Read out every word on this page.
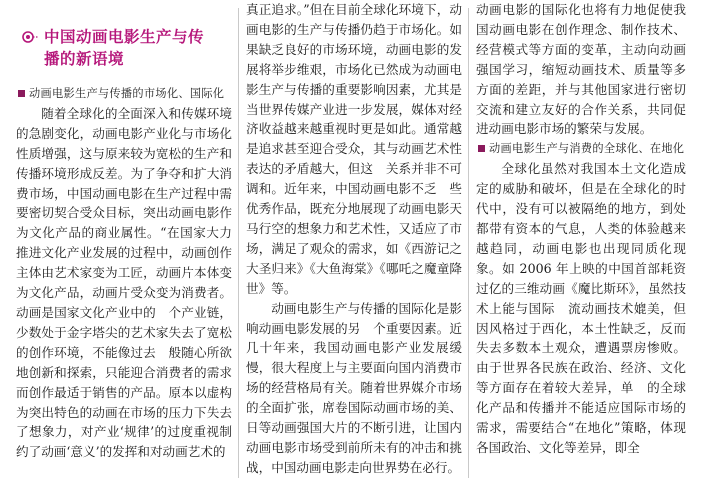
中国动画电影生产与传
播的新语境
动画电影生产与传播的市场化、国际化

随着全球化的全面深入和传媒环境的急剧变化，动画电影产业化与市场化性质增强，这与原来较为宽松的生产和传播环境形成反差。为了争夺和扩大消费市场，中国动画电影在生产过程中需要密切契合受众目标，突出动画电影作为文化产品的商业属性。“在国家大力推进文化产业发展的过程中，动画创作主体由艺术家变为工匠，动画片本体变为文化产品，动画片受众变为消费者。动画是国家文化产业中的　个产业链，少数处于金字塔尖的艺术家失去了宽松的创作环境，不能像过去　般随心所欲地创新和探索，只能迎合消费者的需求而创作最适于销售的产品。原本以虚构为突出特色的动画在市场的压力下失去了想象力，对产业‘规律’的过度重视制约了动画‘意义’的发挥和对动画艺术的

真正追求。”但在目前全球化环境下，动画电影的生产与传播仍趋于市场化。如果缺乏良好的市场环境，动画电影的发展将举步维艰，市场化已然成为动画电影生产与传播的重要影响因素，尤其是当世界传媒产业进一步发展，媒体对经济收益越来越重视时更是如此。通常越是追求甚至迎合受众，其与动画艺术性表达的矛盾越大，但这　关系并非不可调和。近年来，中国动画电影不乏　些优秀作品，既充分地展现了动画电影天马行空的想象力和艺术性，又适应了市场，满足了观众的需求，如《西游记之大圣归来》《大鱼海棠》《哪吒之魔童降世》等。

动画电影生产与传播的国际化是影响动画电影发展的另　个重要因素。近几十年来，我国动画电影产业发展缓慢，很大程度上与主要面向国内消费市场的经营格局有关。随着世界媒介市场的全面扩张，席卷国际动画市场的美、日等动画强国大片的不断引进，让国内动画电影市场受到前所未有的冲击和挑战，中国动画电影走向世界势在必行。

动画电影的国际化也将有力地促使我国动画电影在创作理念、制作技术、经营模式等方面的变革，主动向动画强国学习，缩短动画技术、质量等多方面的差距，并与其他国家进行密切交流和建立友好的合作关系，共同促进动画电影市场的繁荣与发展。

动画电影生产与消费的全球化、在地化

全球化虽然对我国本土文化造成　定的威胁和破坏，但是在全球化的时代中，没有可以被隔绝的地方，到处都带有资本的气息，人类的体验越来越趋同，动画电影也出现同质化现象。如 2006 年上映的中国首部耗资过亿的三维动画《魔比斯环》，虽然技术上能与国际　流动画技术媲美，但因风格过于西化，本土性缺乏，反而失去多数本土观众，遭遇票房惨败。由于世界各民族在政治、经济、文化等方面存在着较大差异，单　的全球化产品和传播并不能适应国际市场的需求，需要结合“在地化”策略，体现各国政治、文化等差异，即全
